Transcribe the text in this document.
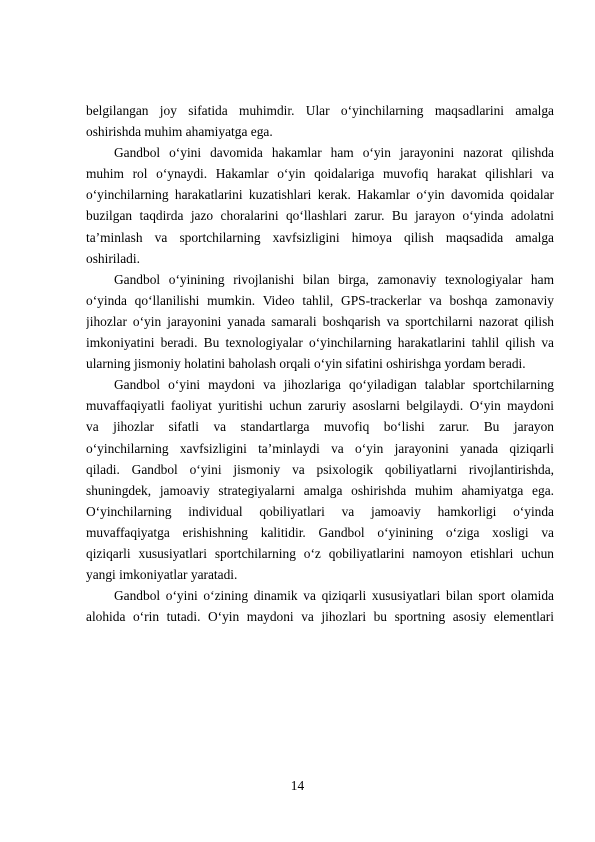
belgilangan joy sifatida muhimdir. Ular o‘yinchilarning maqsadlarini amalga
oshirishda muhim ahamiyatga ega.
Gandbol o‘yini davomida hakamlar ham o‘yin jarayonini nazorat qilishda
muhim rol o‘ynaydi. Hakamlar o‘yin qoidalariga muvofiq harakat qilishlari va
o‘yinchilarning harakatlarini kuzatishlari kerak. Hakamlar o‘yin davomida qoidalar
buzilgan taqdirda jazo choralarini qo‘llashlari zarur. Bu jarayon o‘yinda adolatni
ta’minlash va sportchilarning xavfsizligini himoya qilish maqsadida amalga
oshiriladi.
Gandbol o‘yinining rivojlanishi bilan birga, zamonaviy texnologiyalar ham
o‘yinda qo‘llanilishi mumkin. Video tahlil, GPS-trackerlar va boshqa zamonaviy
jihozlar o‘yin jarayonini yanada samarali boshqarish va sportchilarni nazorat qilish
imkoniyatini beradi. Bu texnologiyalar o‘yinchilarning harakatlarini tahlil qilish va
ularning jismoniy holatini baholash orqali o‘yin sifatini oshirishga yordam beradi.
Gandbol o‘yini maydoni va jihozlariga qo‘yiladigan talablar sportchilarning
muvaffaqiyatli faoliyat yuritishi uchun zaruriy asoslarni belgilaydi. O‘yin maydoni
va jihozlar sifatli va standartlarga muvofiq bo‘lishi zarur. Bu jarayon
o‘yinchilarning xavfsizligini ta’minlaydi va o‘yin jarayonini yanada qiziqarli
qiladi. Gandbol o‘yini jismoniy va psixologik qobiliyatlarni rivojlantirishda,
shuningdek, jamoaviy strategiyalarni amalga oshirishda muhim ahamiyatga ega.
O‘yinchilarning individual qobiliyatlari va jamoaviy hamkorligi o‘yinda
muvaffaqiyatga erishishning kalitidir. Gandbol o‘yinining o‘ziga xosligi va
qiziqarli xususiyatlari sportchilarning o‘z qobiliyatlarini namoyon etishlari uchun
yangi imkoniyatlar yaratadi.
Gandbol o‘yini o‘zining dinamik va qiziqarli xususiyatlari bilan sport olamida
alohida o‘rin tutadi. O‘yin maydoni va jihozlari bu sportning asosiy elementlari
14
